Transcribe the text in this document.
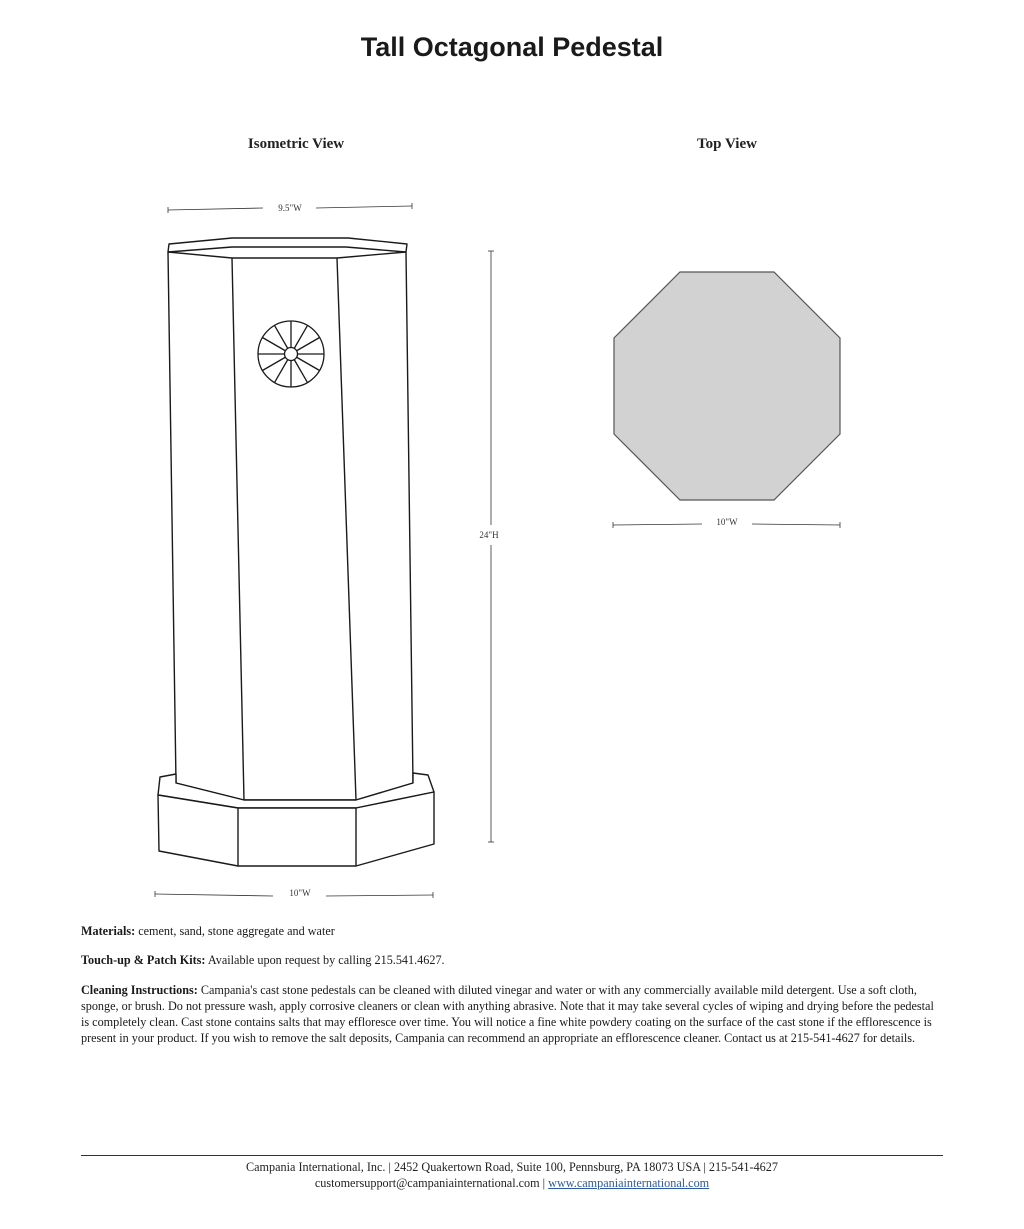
Tall Octagonal Pedestal
Isometric View	Top View
9.5"W
24"H
10"W
10"W
Materials: cement, sand, stone aggregate and water
Touch-up & Patch Kits: Available upon request by calling 215.541.4627.
Cleaning Instructions: Campania's cast stone pedestals can be cleaned with diluted vinegar and water or with any commercially available mild detergent. Use a soft cloth, sponge, or brush. Do not pressure wash, apply corrosive cleaners or clean with anything abrasive. Note that it may take several cycles of wiping and drying before the pedestal is completely clean. Cast stone contains salts that may effloresce over time. You will notice a fine white powdery coating on the surface of the cast stone if the efflorescence is present in your product. If you wish to remove the salt deposits, Campania can recommend an appropriate an efflorescence cleaner. Contact us at 215-541-4627 for details.
Campania International, Inc. | 2452 Quakertown Road, Suite 100, Pennsburg, PA 18073 USA | 215-541-4627
customersupport@campaniainternational.com | www.campaniainternational.com
